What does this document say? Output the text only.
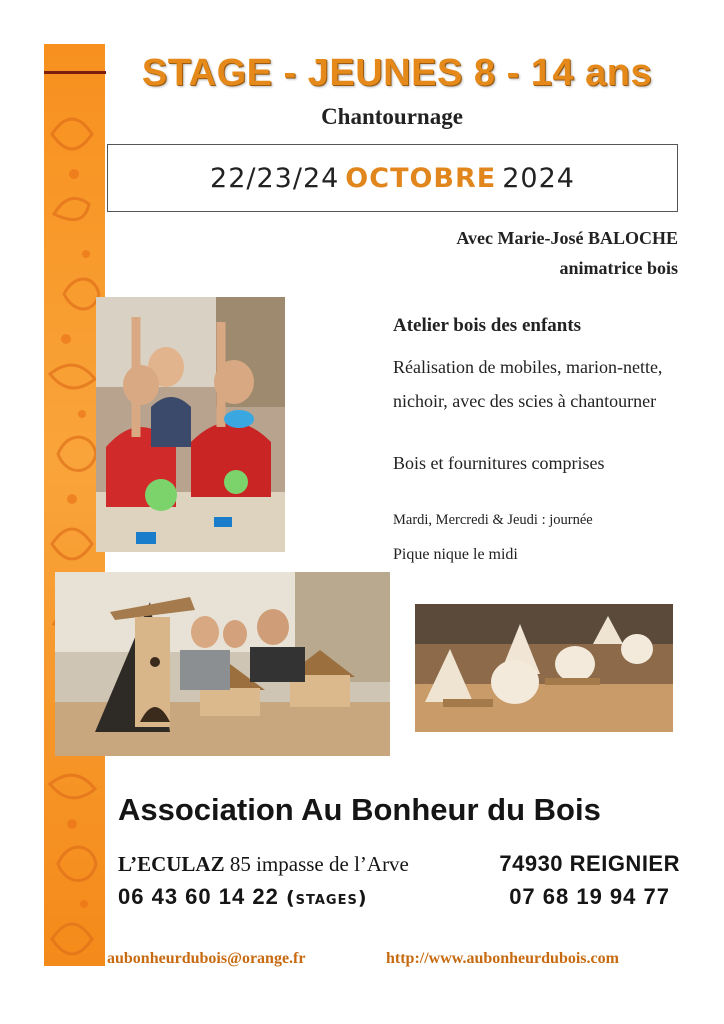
STAGE - JEUNES 8 - 14 ans
Chantournage
22/23/24 OCTOBRE 2024
Avec Marie-José BALOCHE
animatrice bois
Atelier bois des enfants
Réalisation de mobiles, marion-nette, nichoir, avec des scies à chantourner
Bois et fournitures comprises
Mardi, Mercredi & Jeudi : journée
Pique nique le midi
Association Au Bonheur du Bois
L’ECULAZ 85 impasse de l’Arve	74930 REIGNIER
06 43 60 14 22 (stages)	07 68 19 94 77
aubonheurdubois@orange.fr	http://www.aubonheurdubois.com
